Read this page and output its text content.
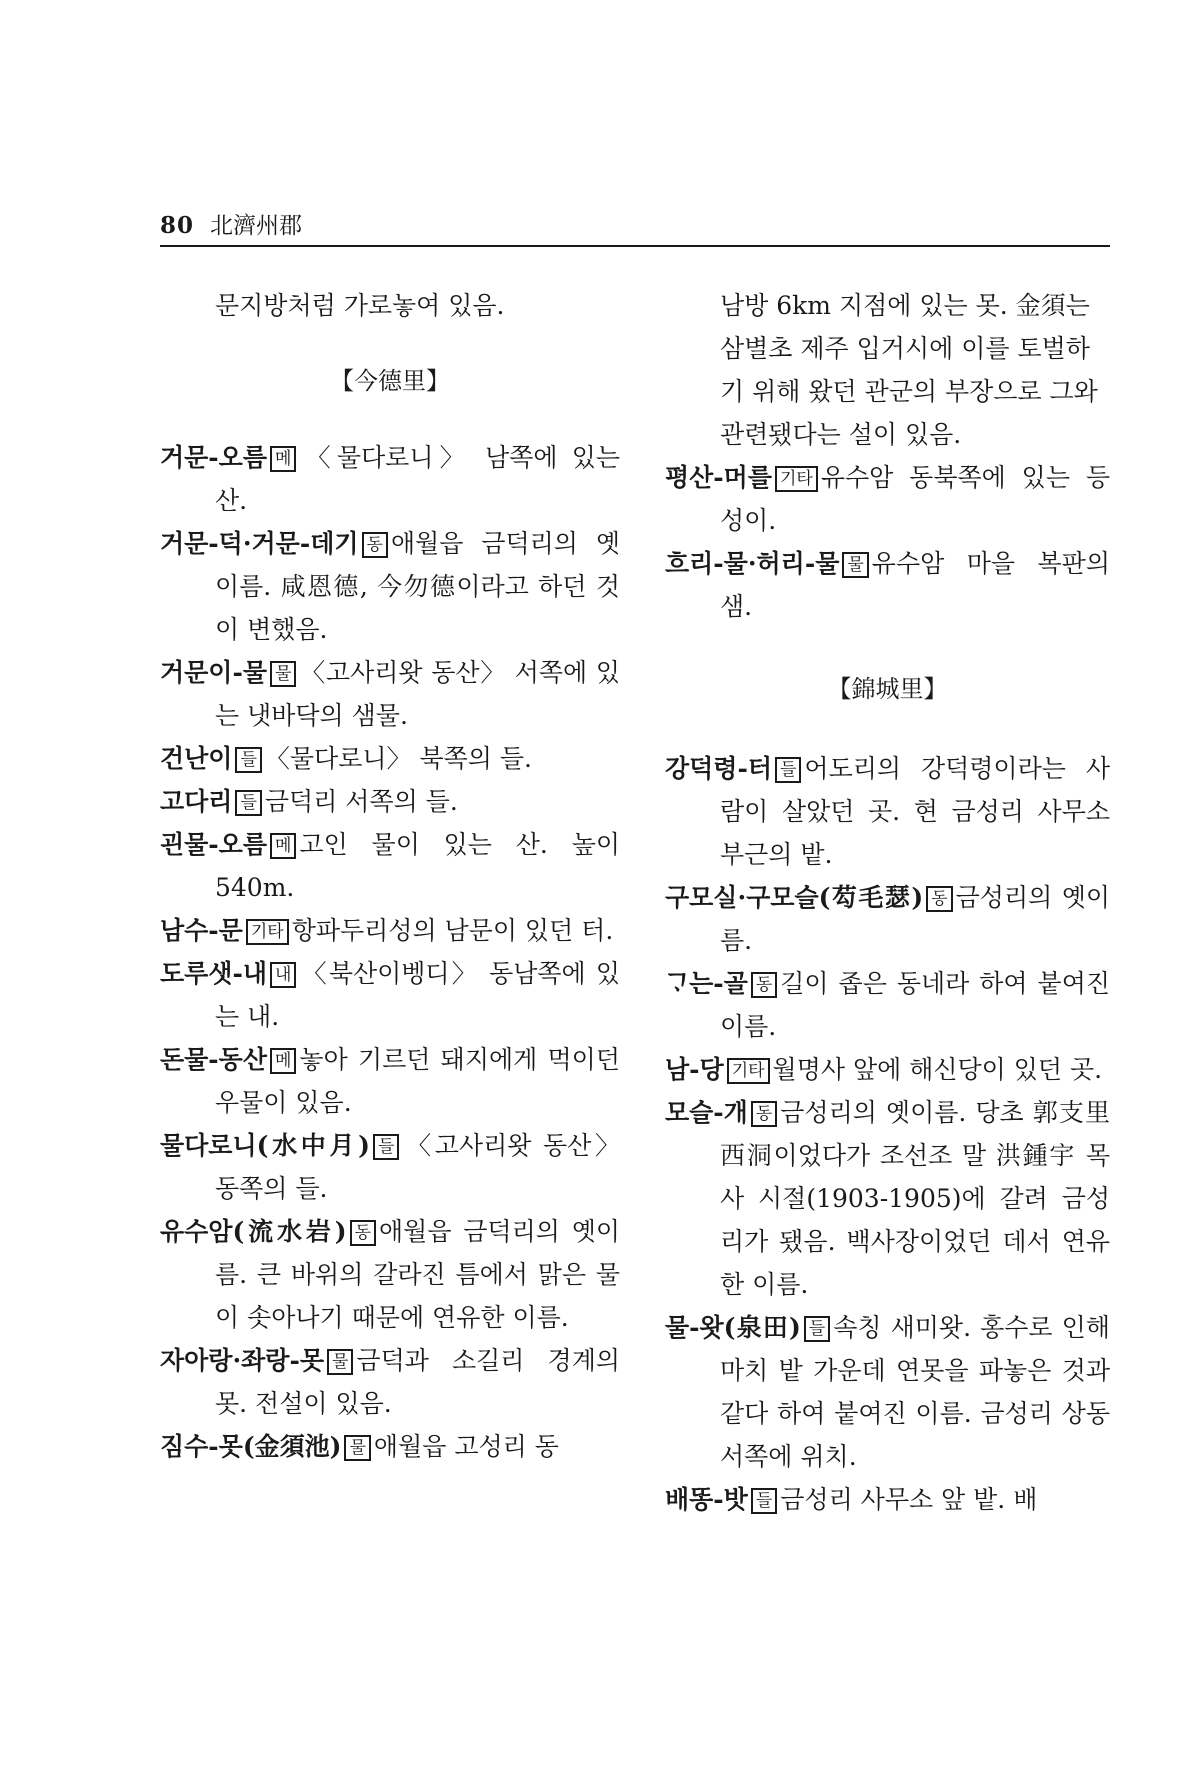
80 北濟州郡

문지방처럼 가로놓여 있음.

【今德里】

거문-오름 메 〈물다로니〉 남쪽에 있는 산.

거문-덕·거문-데기 동 애월읍 금덕리의 옛이름. 咸恩德, 今勿德이라고 하던 것이 변했음.

거문이-물 물 〈고사리왓 동산〉 서쪽에 있는 냇바닥의 샘물.

건난이 들 〈물다로니〉 북쪽의 들.

고다리 들 금덕리 서쪽의 들.

괸물-오름 메 고인 물이 있는 산. 높이 540m.

남수-문 기타 항파두리성의 남문이 있던 터.

도루샛-내 내 〈북산이벵디〉 동남쪽에 있는 내.

돈물-동산 메 놓아 기르던 돼지에게 먹이던 우물이 있음.

물다로니(水中月) 들 〈고사리왓 동산〉 동쪽의 들.

유수암(流水岩) 동 애월읍 금덕리의 옛이름. 큰 바위의 갈라진 틈에서 맑은 물이 솟아나기 때문에 연유한 이름.

자아랑·좌랑-못 물 금덕과 소길리 경계의 못. 전설이 있음.

짐수-못(金須池) 물 애월읍 고성리 동

남방 6km 지점에 있는 못. 金須는 삼별초 제주 입거시에 이를 토벌하기 위해 왔던 관군의 부장으로 그와 관련됐다는 설이 있음.

평산-머를 기타 유수암 동북쪽에 있는 등성이.

흐리-물·허리-물 물 유수암 마을 복판의 샘.

【錦城里】

강덕령-터 들 어도리의 강덕령이라는 사람이 살았던 곳. 현 금성리 사무소 부근의 밭.

구모실·구모슬(芶毛瑟) 동 금성리의 옛이름.

ᄀᆞ는-골 동 길이 좁은 동네라 하여 붙여진 이름.

남-당 기타 월명사 앞에 해신당이 있던 곳.

모슬-개 동 금성리의 옛이름. 당초 郭支里 西洞이었다가 조선조 말 洪鍾宇 목사 시절(1903-1905)에 갈려 금성리가 됐음. 백사장이었던 데서 연유한 이름.

물-왓(泉田) 들 속칭 새미왓. 홍수로 인해 마치 밭 가운데 연못을 파놓은 것과 같다 하여 붙여진 이름. 금성리 상동 서쪽에 위치.

배똥-밧 들 금성리 사무소 앞 밭. 배
